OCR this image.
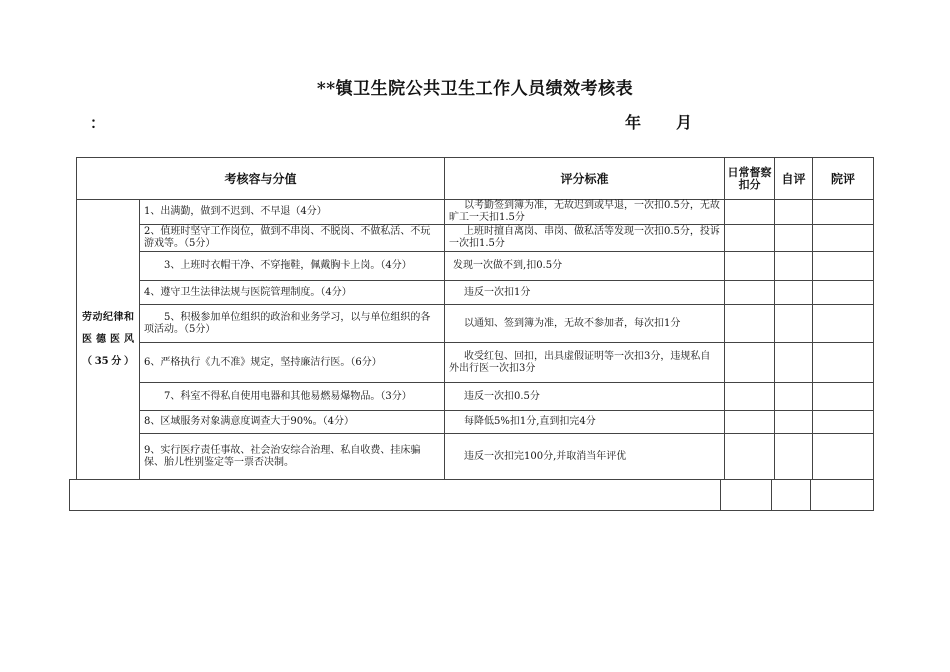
**镇卫生院公共卫生工作人员绩效考核表
：	年 月
考核容与分值		评分标准	日常督察扣分	自评	院评
劳动纪律和医德医风（35分）	1、出满勤，做到不迟到、不早退（4分）	以考勤签到簿为准，无故迟到或早退，一次扣0.5分，无故旷工一天扣1.5分			
	2、值班时坚守工作岗位，做到不串岗、不脱岗、不做私活、不玩游戏等。（5分）	上班时擅自离岗、串岗、做私活等发现一次扣0.5分，投诉一次扣1.5分			
	3、上班时衣帽干净、不穿拖鞋，佩戴胸卡上岗。（4分）	发现一次做不到,扣0.5分			
	4、遵守卫生法律法规与医院管理制度。（4分）	违反一次扣1分			
	5、积极参加单位组织的政治和业务学习，以与单位组织的各项活动。（5分）	以通知、签到簿为准，无故不参加者，每次扣1分			
	6、严格执行《九不准》规定，坚持廉洁行医。（6分）	收受红包、回扣，出具虚假证明等一次扣3分，违规私自外出行医一次扣3分			
	7、科室不得私自使用电器和其他易燃易爆物品。（3分）	违反一次扣0.5分			
	8、区域服务对象满意度调查大于90%。（4分）	每降低5%扣1分,直到扣完4分			
	9、实行医疗责任事故、社会治安综合治理、私自收费、挂床骗保、胎儿性别鉴定等一票否决制。	违反一次扣完100分,并取消当年评优			
